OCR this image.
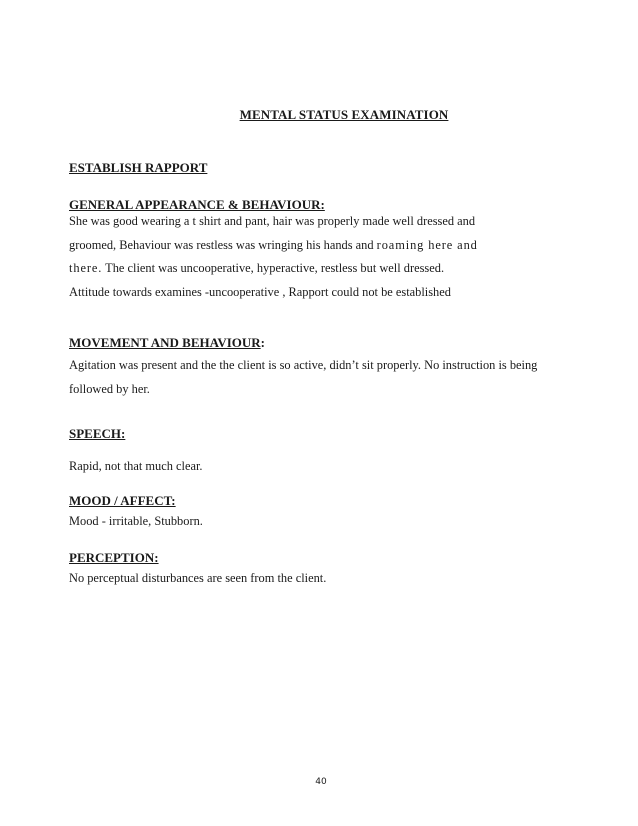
MENTAL STATUS EXAMINATION
ESTABLISH RAPPORT
GENERAL APPEARANCE & BEHAVIOUR:
She was good wearing a t shirt and pant, hair was properly made well dressed and
groomed, Behaviour was restless was wringing his hands and roaming here and
there. The client was uncooperative, hyperactive, restless but well dressed.
Attitude towards examines -uncooperative , Rapport could not be established
MOVEMENT AND BEHAVIOUR:
Agitation was present and the the client is so active, didn’t sit properly. No instruction is being
followed by her.
SPEECH:
Rapid, not that much clear.
MOOD / AFFECT:
Mood - irritable, Stubborn.
PERCEPTION:
No perceptual disturbances are seen from the client.
40
